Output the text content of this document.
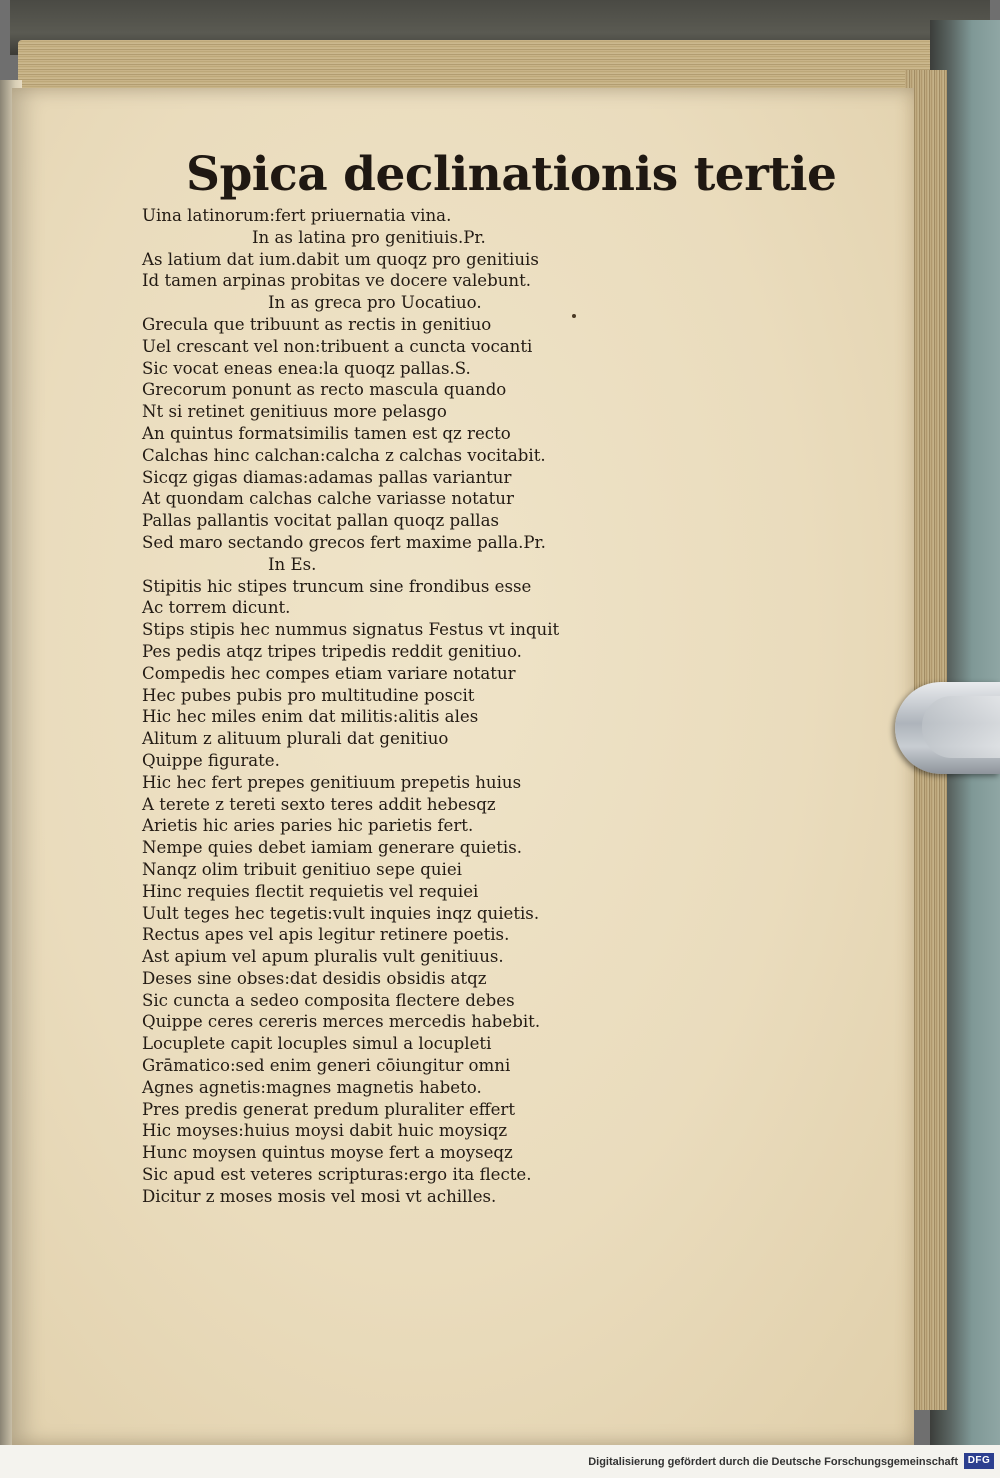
Spica declinationis tertie
Uina latinorum:fert priuernatia vina.
In as latina pro genitiuis.Pr.
As latium dat ium.dabit um quoqz pro genitiuis
Id tamen arpinas probitas ve docere valebunt.
In as greca pro Uocatiuo.
Grecula que tribuunt as rectis in genitiuo
Uel crescant vel non:tribuent a cuncta vocanti
Sic vocat eneas enea:la quoqz pallas.S.
Grecorum ponunt as recto mascula quando
Nt si retinet genitiuus more pelasgo
An quintus formatsimilis tamen est qz recto
Calchas hinc calchan:calcha z calchas vocitabit.
Sicqz gigas diamas:adamas pallas variantur
At quondam calchas calche variasse notatur
Pallas pallantis vocitat pallan quoqz pallas
Sed maro sectando grecos fert maxime palla.Pr.
In Es.
Stipitis hic stipes truncum sine frondibus esse
Ac torrem dicunt.
Stips stipis hec nummus signatus Festus vt inquit
Pes pedis atqz tripes tripedis reddit genitiuo.
Compedis hec compes etiam variare notatur
Hec pubes pubis pro multitudine poscit
Hic hec miles enim dat militis:alitis ales
Alitum z alituum plurali dat genitiuo
Quippe figurate.
Hic hec fert prepes genitiuum prepetis huius
A terete z tereti sexto teres addit hebesqz
Arietis hic aries paries hic parietis fert.
Nempe quies debet iamiam generare quietis.
Nanqz olim tribuit genitiuo sepe quiei
Hinc requies flectit requietis vel requiei
Uult teges hec tegetis:vult inquies inqz quietis.
Rectus apes vel apis legitur retinere poetis.
Ast apium vel apum pluralis vult genitiuus.
Deses sine obses:dat desidis obsidis atqz
Sic cuncta a sedeo composita flectere debes
Quippe ceres cereris merces mercedis habebit.
Locuplete capit locuples simul a locupleti
Grāmatico:sed enim generi cōiungitur omni
Agnes agnetis:magnes magnetis habeto.
Pres predis generat predum pluraliter effert
Hic moyses:huius moysi dabit huic moysiqz
Hunc moysen quintus moyse fert a moyseqz
Sic apud est veteres scripturas:ergo ita flecte.
Dicitur z moses mosis vel mosi vt achilles.
Digitalisierung gefördert durch die Deutsche Forschungsgemeinschaft DFG
